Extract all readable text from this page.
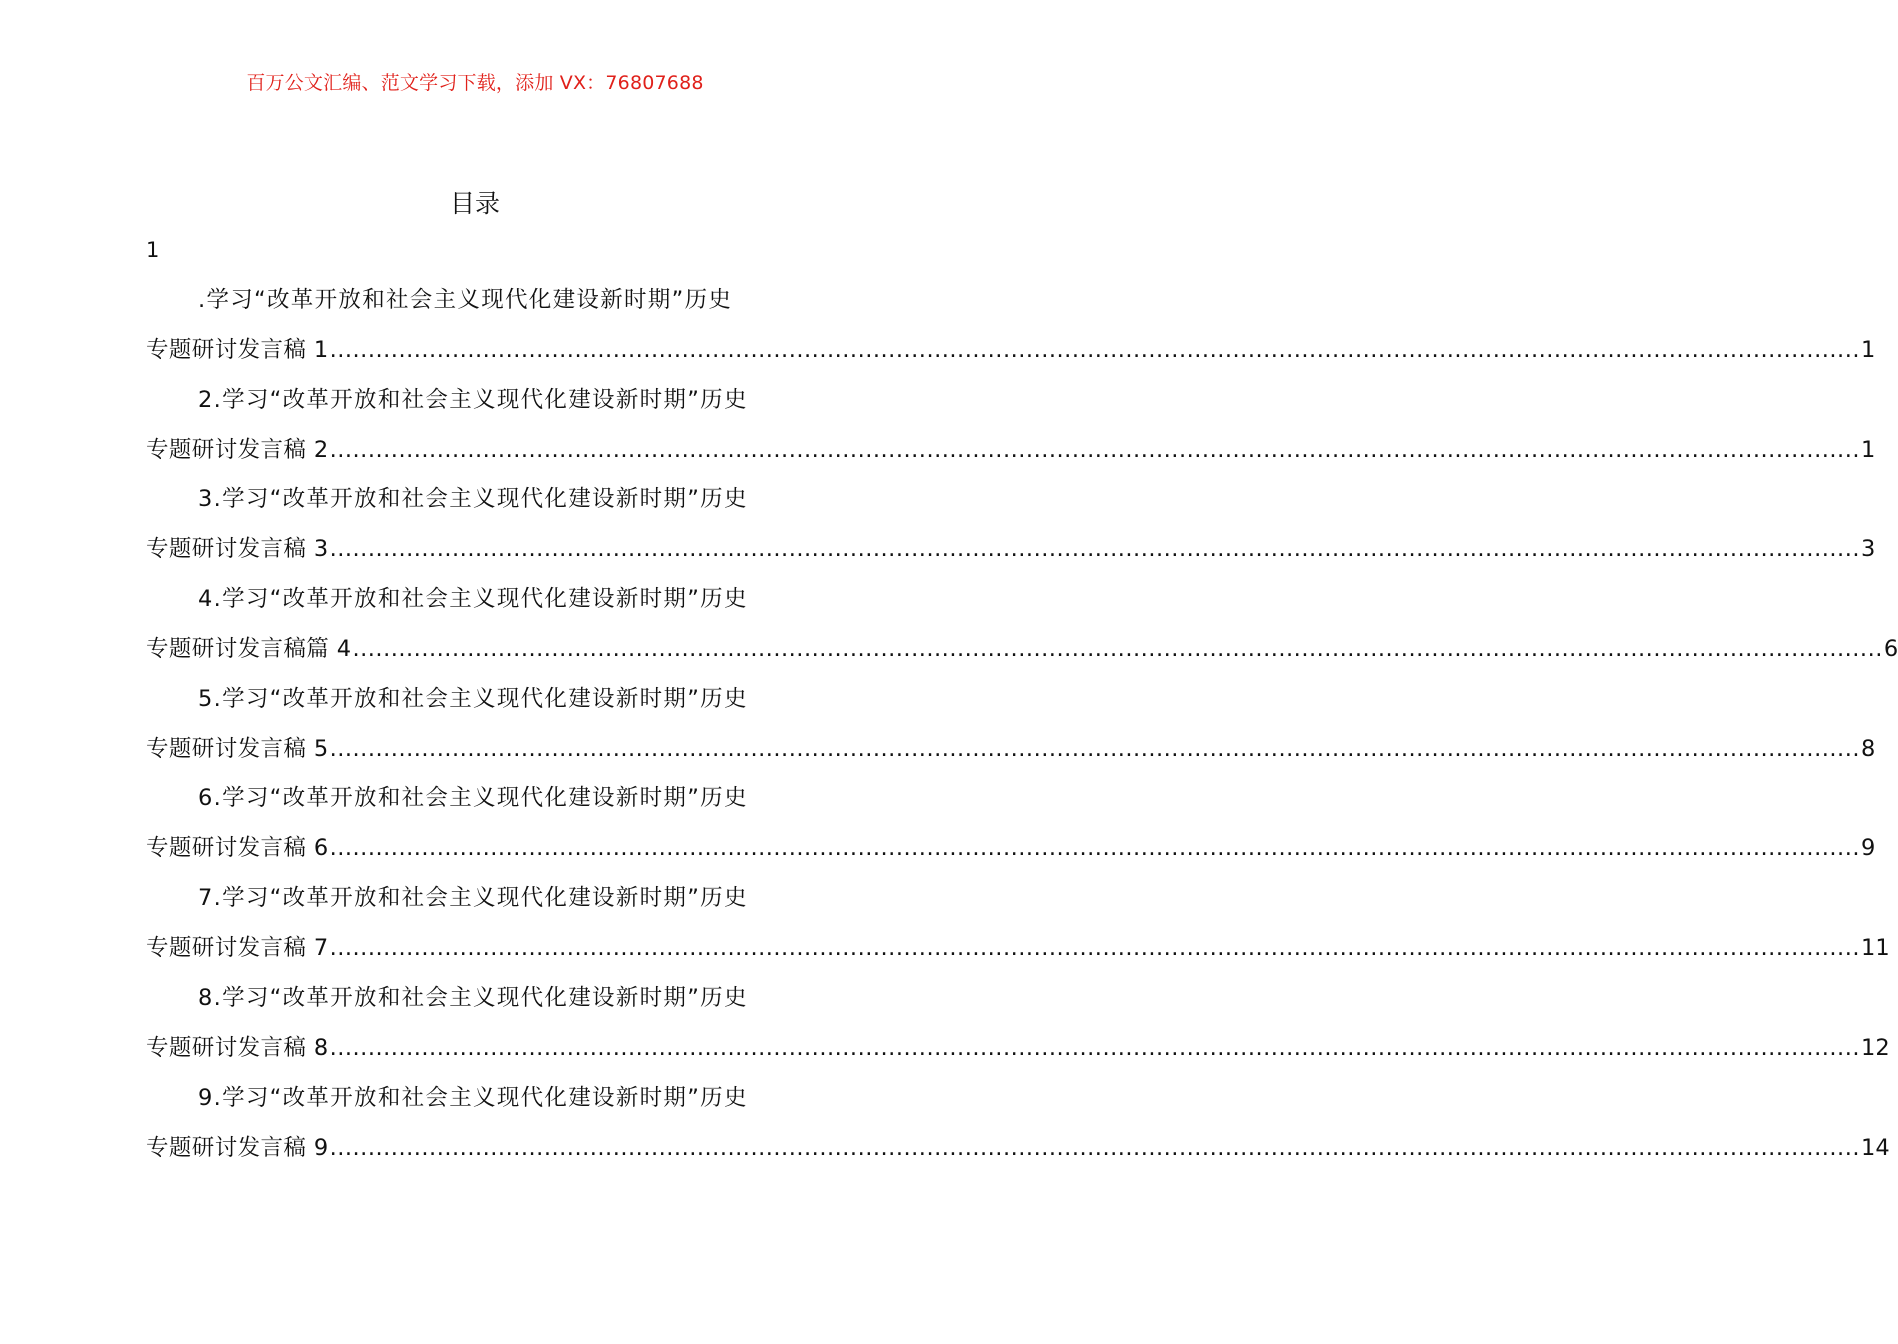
百万公文汇编、范文学习下载，添加 VX：76807688
目录
1
.学习“改革开放和社会主义现代化建设新时期”历史
专题研讨发言稿 1 ........................................................................................................................................................................................................ 1
2.学习“改革开放和社会主义现代化建设新时期”历史
专题研讨发言稿 2 ........................................................................................................................................................................................................ 1
3.学习“改革开放和社会主义现代化建设新时期”历史
专题研讨发言稿 3 ........................................................................................................................................................................................................ 3
4.学习“改革开放和社会主义现代化建设新时期”历史
专题研讨发言稿篇 4 ........................................................................................................................................................................................................ 6
5.学习“改革开放和社会主义现代化建设新时期”历史
专题研讨发言稿 5 ........................................................................................................................................................................................................ 8
6.学习“改革开放和社会主义现代化建设新时期”历史
专题研讨发言稿 6 ........................................................................................................................................................................................................ 9
7.学习“改革开放和社会主义现代化建设新时期”历史
专题研讨发言稿 7 ........................................................................................................................................................................................................ 11
8.学习“改革开放和社会主义现代化建设新时期”历史
专题研讨发言稿 8 ........................................................................................................................................................................................................ 12
9.学习“改革开放和社会主义现代化建设新时期”历史
专题研讨发言稿 9 ........................................................................................................................................................................................................ 14
